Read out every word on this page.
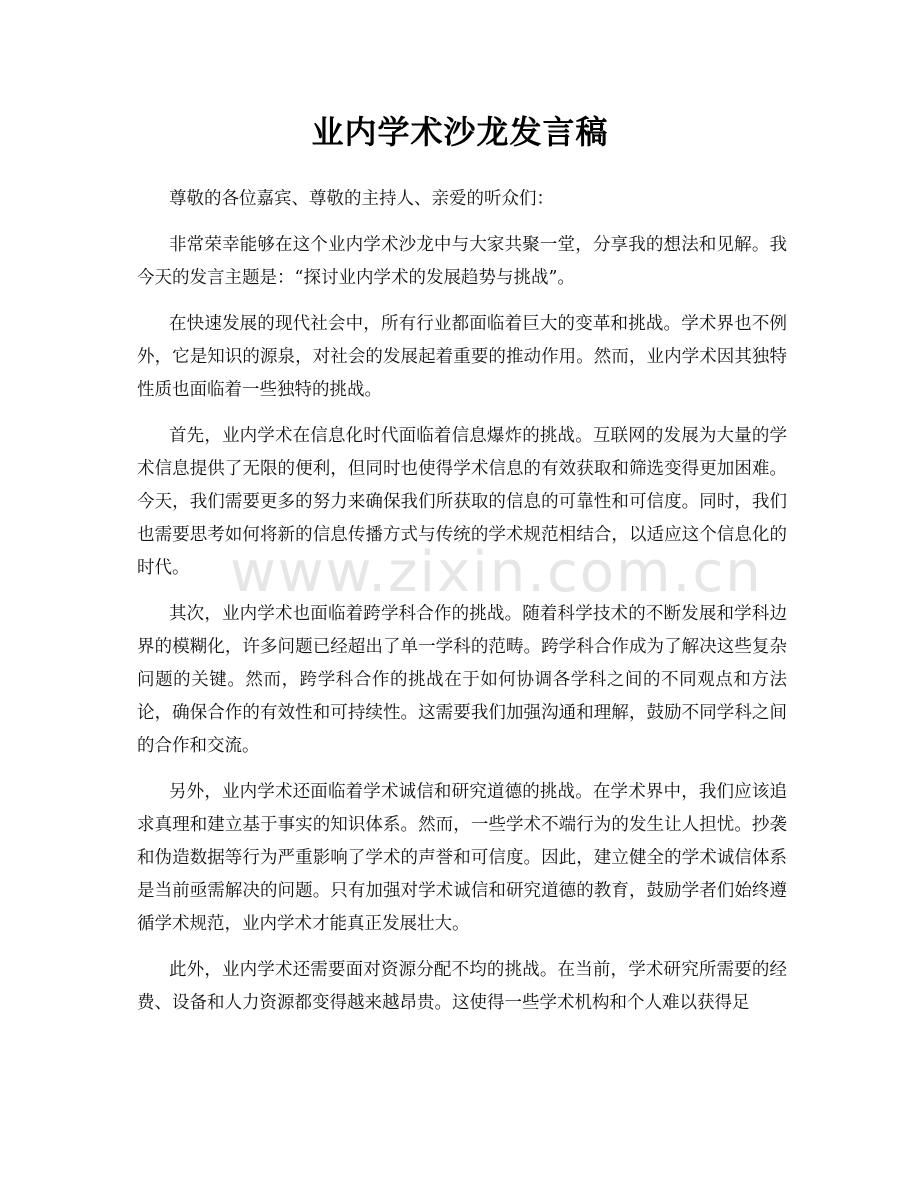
业内学术沙龙发言稿

尊敬的各位嘉宾、尊敬的主持人、亲爱的听众们：

非常荣幸能够在这个业内学术沙龙中与大家共聚一堂，分享我的想法和见解。我今天的发言主题是：“探讨业内学术的发展趋势与挑战”。

在快速发展的现代社会中，所有行业都面临着巨大的变革和挑战。学术界也不例外，它是知识的源泉，对社会的发展起着重要的推动作用。然而，业内学术因其独特性质也面临着一些独特的挑战。

首先，业内学术在信息化时代面临着信息爆炸的挑战。互联网的发展为大量的学术信息提供了无限的便利，但同时也使得学术信息的有效获取和筛选变得更加困难。今天，我们需要更多的努力来确保我们所获取的信息的可靠性和可信度。同时，我们也需要思考如何将新的信息传播方式与传统的学术规范相结合，以适应这个信息化的时代。

其次，业内学术也面临着跨学科合作的挑战。随着科学技术的不断发展和学科边界的模糊化，许多问题已经超出了单一学科的范畴。跨学科合作成为了解决这些复杂问题的关键。然而，跨学科合作的挑战在于如何协调各学科之间的不同观点和方法论，确保合作的有效性和可持续性。这需要我们加强沟通和理解，鼓励不同学科之间的合作和交流。

另外，业内学术还面临着学术诚信和研究道德的挑战。在学术界中，我们应该追求真理和建立基于事实的知识体系。然而，一些学术不端行为的发生让人担忧。抄袭和伪造数据等行为严重影响了学术的声誉和可信度。因此，建立健全的学术诚信体系是当前亟需解决的问题。只有加强对学术诚信和研究道德的教育，鼓励学者们始终遵循学术规范，业内学术才能真正发展壮大。

此外，业内学术还需要面对资源分配不均的挑战。在当前，学术研究所需要的经费、设备和人力资源都变得越来越昂贵。这使得一些学术机构和个人难以获得足

www.zixin.com.cn
